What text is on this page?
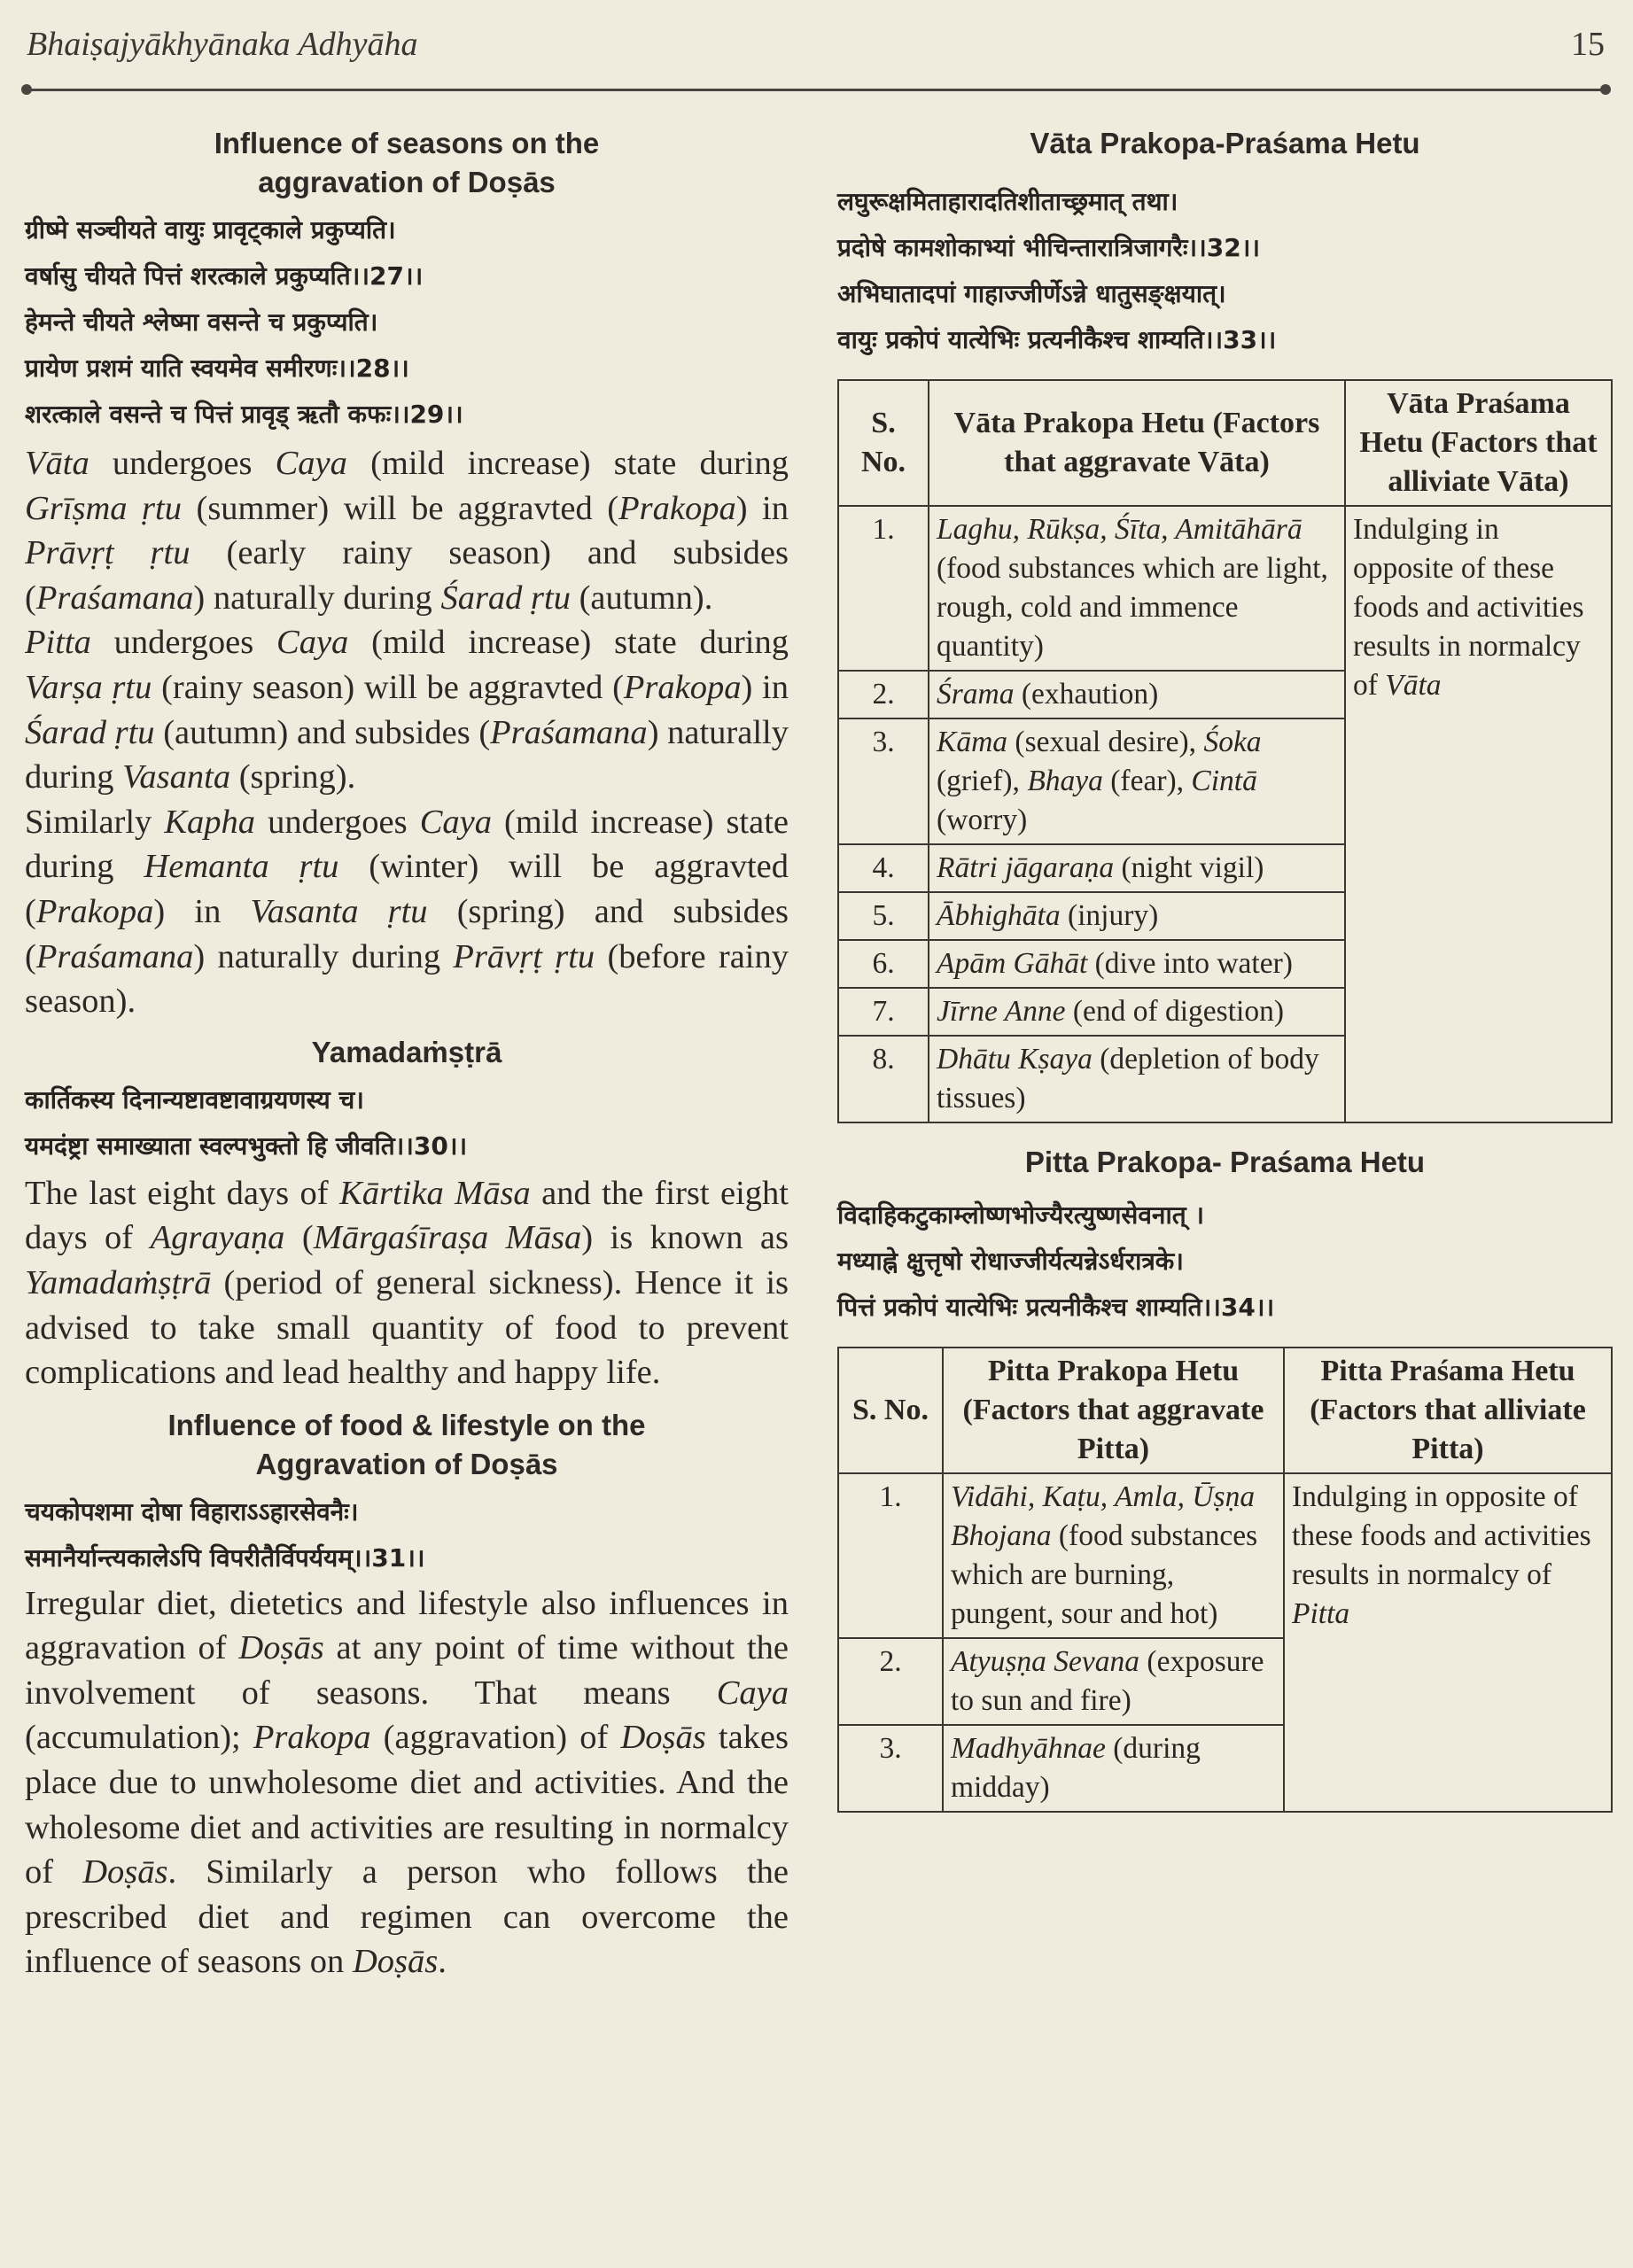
Bhaiṣajyākhyānaka Adhyāha	15
Influence of seasons on the aggravation of Doṣās
ग्रीष्मे सञ्चीयते वायुः प्रावृट्काले प्रकुप्यति।
वर्षासु चीयते पित्तं शरत्काले प्रकुप्यति।।27।।
हेमन्ते चीयते श्लेष्मा वसन्ते च प्रकुप्यति।
प्रायेण प्रशमं याति स्वयमेव समीरणः।।28।।
शरत्काले वसन्ते च पित्तं प्रावृड् ऋतौ कफः।।29।।
Vāta undergoes Caya (mild increase) state during Grīṣma ṛtu (summer) will be aggravted (Prakopa) in Prāvṛṭ ṛtu (early rainy season) and subsides (Praśamana) naturally during Śarad ṛtu (autumn).
Pitta undergoes Caya (mild increase) state during Varṣa ṛtu (rainy season) will be aggravted (Prakopa) in Śarad ṛtu (autumn) and subsides (Praśamana) naturally during Vasanta (spring).
Similarly Kapha undergoes Caya (mild increase) state during Hemanta ṛtu (winter) will be aggravted (Prakopa) in Vasanta ṛtu (spring) and subsides (Praśamana) naturally during Prāvṛṭ ṛtu (before rainy season).
Yamadaṁṣṭrā
कार्तिकस्य दिनान्यष्टावष्टावाग्रयणस्य च।
यमदंष्ट्रा समाख्याता स्वल्पभुक्तो हि जीवति।।30।।
The last eight days of Kārtika Māsa and the first eight days of Agrayaṇa (Mārgaśīraṣa Māsa) is known as Yamadaṁṣṭrā (period of general sickness). Hence it is advised to take small quantity of food to prevent complications and lead healthy and happy life.
Influence of food & lifestyle on the Aggravation of Doṣās
चयकोपशमा दोषा विहाराऽऽहारसेवनैः।
समानैर्यान्त्यकालेऽपि विपरीतैर्विपर्ययम्।।31।।
Irregular diet, dietetics and lifestyle also influences in aggravation of Doṣās at any point of time without the involvement of seasons. That means Caya (accumulation); Prakopa (aggravation) of Doṣās takes place due to unwholesome diet and activities. And the wholesome diet and activities are resulting in normalcy of Doṣās. Similarly a person who follows the prescribed diet and regimen can overcome the influence of seasons on Doṣās.
Vāta Prakopa-Praśama Hetu
लघुरूक्षमिताहारादतिशीताच्छ्रमात् तथा।
प्रदोषे कामशोकाभ्यां भीचिन्तारात्रिजागरैः।।32।।
अभिघातादपां गाहाज्जीर्णेऽन्ने धातुसङ्क्षयात्।
वायुः प्रकोपं यात्येभिः प्रत्यनीकैश्च शाम्यति।।33।।
S. No.	Vāta Prakopa Hetu (Factors that aggravate Vāta)	Vāta Praśama Hetu (Factors that alliviate Vāta)
1.	Laghu, Rūkṣa, Śīta, Amitāhārā (food substances which are light, rough, cold and immence quantity)	Indulging in opposite of these foods and activities results in normalcy of Vāta
2.	Śrama (exhaution)	
3.	Kāma (sexual desire), Śoka (grief), Bhaya (fear), Cintā (worry)	
4.	Rātri jāgaraṇa (night vigil)	
5.	Ābhighāta (injury)	
6.	Apām Gāhāt (dive into water)	
7.	Jīrne Anne (end of digestion)	
8.	Dhātu Kṣaya (depletion of body tissues)	
Pitta Prakopa- Praśama Hetu
विदाहिकटुकाम्लोष्णभोज्यैरत्युष्णसेवनात् ।
मध्याह्ने क्षुत्तृषो रोधाज्जीर्यत्यन्नेऽर्धरात्रके।
पित्तं प्रकोपं यात्येभिः प्रत्यनीकैश्च शाम्यति।।34।।
S. No.	Pitta Prakopa Hetu (Factors that aggravate Pitta)	Pitta Praśama Hetu (Factors that alliviate Pitta)
1.	Vidāhi, Kaṭu, Amla, Ūṣṇa Bhojana (food substances which are burning, pungent, sour and hot)	Indulging in opposite of these foods and activities results in normalcy of Pitta
2.	Atyuṣṇa Sevana (exposure to sun and fire)	
3.	Madhyāhnae (during midday)	
